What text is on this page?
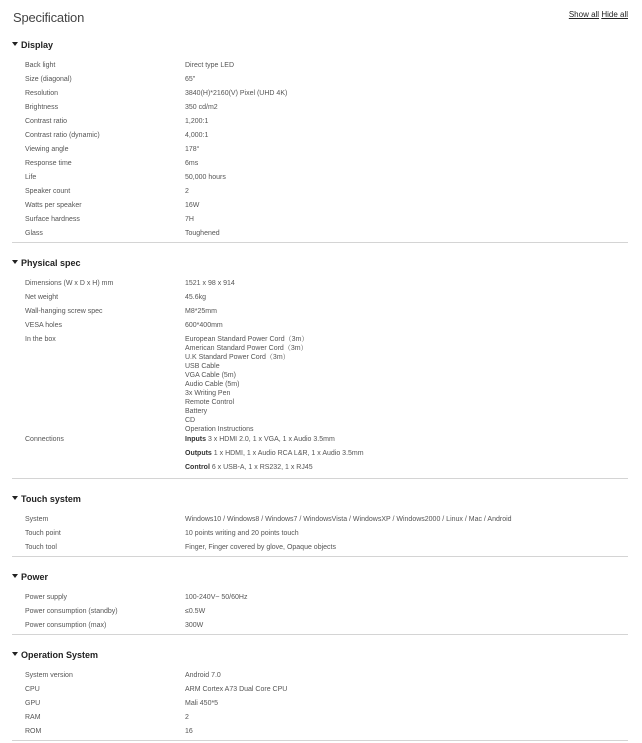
Specification	Show all Hide all
Display
Back light	Direct type LED
Size (diagonal)	65"
Resolution	3840(H)*2160(V) Pixel (UHD 4K)
Brightness	350 cd/m2
Contrast ratio	1,200:1
Contrast ratio (dynamic)	4,000:1
Viewing angle	178°
Response time	6ms
Life	50,000 hours
Speaker count	2
Watts per speaker	16W
Surface hardness	7H
Glass	Toughened
Physical spec
Dimensions (W x D x H) mm	1521 x 98 x 914
Net weight	45.6kg
Wall-hanging screw spec	M8*25mm
VESA holes	600*400mm
In the box	European Standard Power Cord（3m）
American Standard Power Cord（3m）
U.K Standard Power Cord（3m）
USB Cable
VGA Cable (5m)
Audio Cable (5m)
3x Writing Pen
Remote Control
Battery
CD
Operation Instructions
Connections	Inputs 3 x HDMI 2.0, 1 x VGA, 1 x Audio 3.5mm
Outputs 1 x HDMI, 1 x Audio RCA L&R, 1 x Audio 3.5mm
Control 6 x USB-A, 1 x RS232, 1 x RJ45
Touch system
System	Windows10 / Windows8 / Windows7 / WindowsVista / WindowsXP / Windows2000 / Linux / Mac / Android
Touch point	10 points writing and 20 points touch
Touch tool	Finger, Finger covered by glove, Opaque objects
Power
Power supply	100-240V~ 50/60Hz
Power consumption (standby)	≤0.5W
Power consumption (max)	300W
Operation System
System version	Android 7.0
CPU	ARM Cortex A73 Dual Core CPU
GPU	Mali 450*5
RAM	2
ROM	16
